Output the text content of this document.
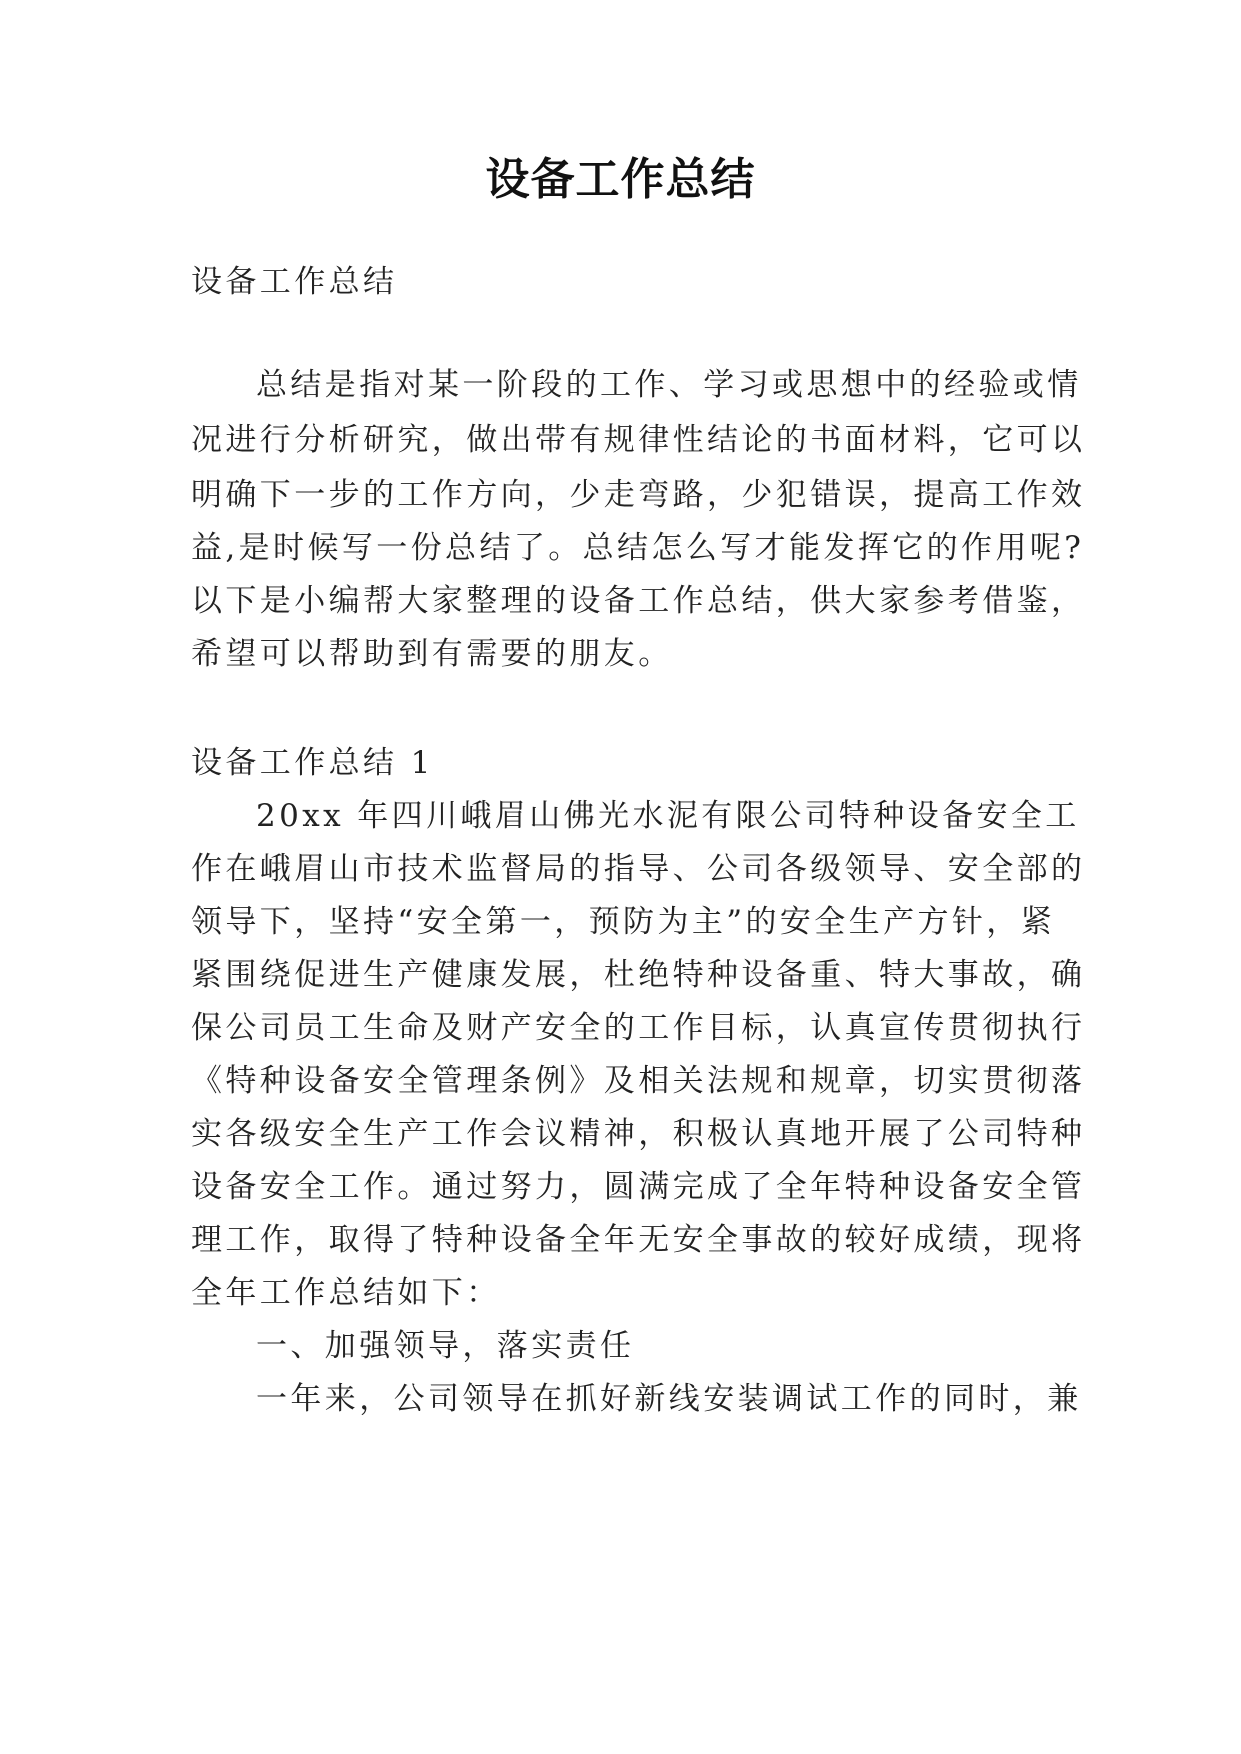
设备工作总结
设备工作总结
总结是指对某一阶段的工作、学习或思想中的经验或情
况进行分析研究，做出带有规律性结论的书面材料，它可以
明确下一步的工作方向，少走弯路，少犯错误，提高工作效
益,是时候写一份总结了。总结怎么写才能发挥它的作用呢?
以下是小编帮大家整理的设备工作总结，供大家参考借鉴，
希望可以帮助到有需要的朋友。
设备工作总结 1
20xx 年四川峨眉山佛光水泥有限公司特种设备安全工
作在峨眉山市技术监督局的指导、公司各级领导、安全部的
领导下，坚持“安全第一，预防为主”的安全生产方针，紧
紧围绕促进生产健康发展，杜绝特种设备重、特大事故，确
保公司员工生命及财产安全的工作目标，认真宣传贯彻执行
《特种设备安全管理条例》及相关法规和规章，切实贯彻落
实各级安全生产工作会议精神，积极认真地开展了公司特种
设备安全工作。通过努力，圆满完成了全年特种设备安全管
理工作，取得了特种设备全年无安全事故的较好成绩，现将
全年工作总结如下：
一、加强领导，落实责任
一年来，公司领导在抓好新线安装调试工作的同时，兼
